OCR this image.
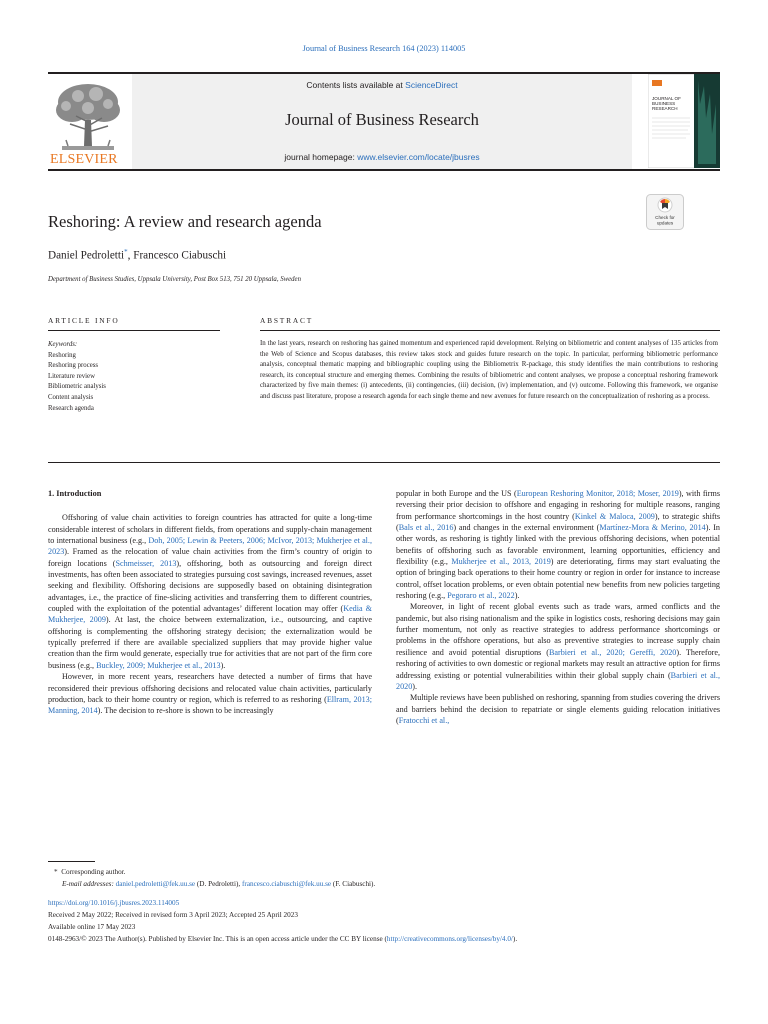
Journal of Business Research 164 (2023) 114005
ELSEVIER
Contents lists available at ScienceDirect
Journal of Business Research
journal homepage: www.elsevier.com/locate/jbusres
JOURNAL OF
BUSINESS
RESEARCH
Check for
updates
Reshoring: A review and research agenda
Daniel Pedroletti*, Francesco Ciabuschi
Department of Business Studies, Uppsala University, Post Box 513, 751 20 Uppsala, Sweden
ARTICLE INFO	ABSTRACT
Keywords:
Reshoring
Reshoring process
Literature review
Bibliometric analysis
Content analysis
Research agenda
In the last years, research on reshoring has gained momentum and experienced rapid development. Relying on bibliometric and content analyses of 135 articles from the Web of Science and Scopus databases, this review takes stock and guides future research on the topic. In particular, performing bibliometric performance analysis, conceptual thematic mapping and bibliographic coupling using the Bibliometrix R-package, this study identifies the main contributions to reshoring research, its conceptual structure and emerging themes. Combining the results of bibliometric and content analyses, we propose a conceptual reshoring framework characterized by five main themes: (i) antecedents, (ii) contingencies, (iii) decision, (iv) implementation, and (v) outcome. Following this framework, we organise and discuss past literature, propose a research agenda for each single theme and new avenues for future research on the conceptualization of reshoring as a process.
1. Introduction

Offshoring of value chain activities to foreign countries has attracted for quite a long-time considerable interest of scholars in different fields, from operations and supply-chain management to international business (e.g., Doh, 2005; Lewin & Peeters, 2006; McIvor, 2013; Mukherjee et al., 2023). Framed as the relocation of value chain activities from the firm’s country of origin to foreign locations (Schmeisser, 2013), offshoring, both as outsourcing and foreign direct investments, has often been associated to strategies pursuing cost savings, increased revenues, asset seeking and flexibility. Offshoring decisions are supposedly based on obtaining disintegration advantages, i.e., the practice of fine-slicing activities and transferring them to different countries, coupled with the exploitation of the potential advantages’ different location may offer (Kedia & Mukherjee, 2009). At last, the choice between externalization, i.e., outsourcing, and captive offshoring is complementing the offshoring strategy decision; the externalization would be typically preferred if there are available specialized suppliers that may provide higher value creation than the firm would generate, especially true for activities that are not part of the firm core business (e.g., Buckley, 2009; Mukherjee et al., 2013).

However, in more recent years, researchers have detected a number of firms that have reconsidered their previous offshoring decisions and relocated value chain activities, particularly production, back to their home country or region, which is referred to as reshoring (Ellram, 2013; Manning, 2014). The decision to re-shore is shown to be increasingly

popular in both Europe and the US (European Reshoring Monitor, 2018; Moser, 2019), with firms reversing their prior decision to offshore and engaging in reshoring for multiple reasons, ranging from performance shortcomings in the host country (Kinkel & Maloca, 2009), to strategic shifts (Bals et al., 2016) and changes in the external environment (Martínez-Mora & Merino, 2014). In other words, as reshoring is tightly linked with the previous offshoring decisions, when potential benefits of offshoring such as favorable environment, learning opportunities, efficiency and flexibility (e.g., Mukherjee et al., 2013, 2019) are deteriorating, firms may start evaluating the option of bringing back operations to their home country or region in order for instance to increase control, offset location problems, or even obtain potential new benefits from new policies targeting reshoring (e.g., Pegoraro et al., 2022).

Moreover, in light of recent global events such as trade wars, armed conflicts and the pandemic, but also rising nationalism and the spike in logistics costs, reshoring decisions may gain further momentum, not only as reactive strategies to address performance shortcomings or problems in the offshore operations, but also as preventive strategies to increase supply chain resilience and avoid potential disruptions (Barbieri et al., 2020; Gereffi, 2020). Therefore, reshoring of activities to own domestic or regional markets may result an attractive option for firms addressing existing or potential vulnerabilities within their global supply chain (Barbieri et al., 2020).

Multiple reviews have been published on reshoring, spanning from studies covering the drivers and barriers behind the decision to repatriate or single elements guiding relocation initiatives (Fratocchi et al.,

* Corresponding author.
E-mail addresses: daniel.pedroletti@fek.uu.se (D. Pedroletti), francesco.ciabuschi@fek.uu.se (F. Ciabuschi).
https://doi.org/10.1016/j.jbusres.2023.114005
Received 2 May 2022; Received in revised form 3 April 2023; Accepted 25 April 2023
Available online 17 May 2023
0148-2963/© 2023 The Author(s). Published by Elsevier Inc. This is an open access article under the CC BY license (http://creativecommons.org/licenses/by/4.0/).
